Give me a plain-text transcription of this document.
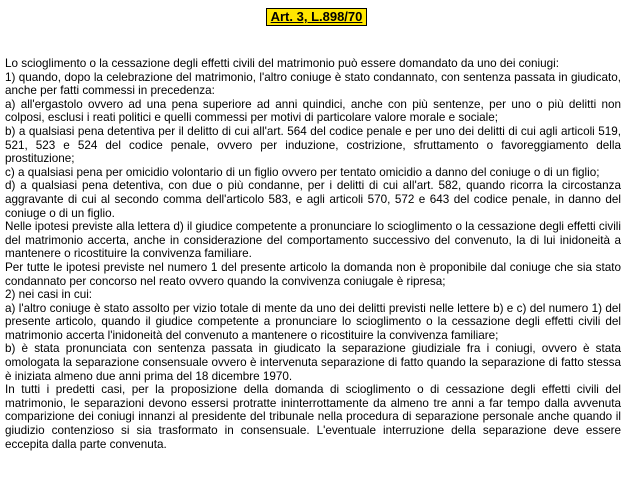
Art. 3, L.898/70

Lo scioglimento o la cessazione degli effetti civili del matrimonio può essere domandato da uno dei coniugi:

1) quando, dopo la celebrazione del matrimonio, l'altro coniuge è stato condannato, con sentenza passata in giudicato, anche per fatti commessi in precedenza:

a) all'ergastolo ovvero ad una pena superiore ad anni quindici, anche con più sentenze, per uno o più delitti non colposi, esclusi i reati politici e quelli commessi per motivi di particolare valore morale e sociale;

b) a qualsiasi pena detentiva per il delitto di cui all'art. 564 del codice penale e per uno dei delitti di cui agli articoli 519, 521, 523 e 524 del codice penale, ovvero per induzione, costrizione, sfruttamento o favoreggiamento della prostituzione;

c) a qualsiasi pena per omicidio volontario di un figlio ovvero per tentato omicidio a danno del coniuge o di un figlio;

d) a qualsiasi pena detentiva, con due o più condanne, per i delitti di cui all'art. 582, quando ricorra la circostanza aggravante di cui al secondo comma dell'articolo 583, e agli articoli 570, 572 e 643 del codice penale, in danno del coniuge o di un figlio.

Nelle ipotesi previste alla lettera d) il giudice competente a pronunciare lo scioglimento o la cessazione degli effetti civili del matrimonio accerta, anche in considerazione del comportamento successivo del convenuto, la di lui inidoneità a mantenere o ricostituire la convivenza familiare.

Per tutte le ipotesi previste nel numero 1 del presente articolo la domanda non è proponibile dal coniuge che sia stato condannato per concorso nel reato ovvero quando la convivenza coniugale è ripresa;

2) nei casi in cui:

a) l'altro coniuge è stato assolto per vizio totale di mente da uno dei delitti previsti nelle lettere b) e c) del numero 1) del presente articolo, quando il giudice competente a pronunciare lo scioglimento o la cessazione degli effetti civili del matrimonio accerta l'inidoneità del convenuto a mantenere o ricostituire la convivenza familiare;

b) è stata pronunciata con sentenza passata in giudicato la separazione giudiziale fra i coniugi, ovvero è stata omologata la separazione consensuale ovvero è intervenuta separazione di fatto quando la separazione di fatto stessa è iniziata almeno due anni prima del 18 dicembre 1970.

In tutti i predetti casi, per la proposizione della domanda di scioglimento o di cessazione degli effetti civili del matrimonio, le separazioni devono essersi protratte ininterrottamente da almeno tre anni a far tempo dalla avvenuta comparizione dei coniugi innanzi al presidente del tribunale nella procedura di separazione personale anche quando il giudizio contenzioso si sia trasformato in consensuale. L'eventuale interruzione della separazione deve essere eccepita dalla parte convenuta.
